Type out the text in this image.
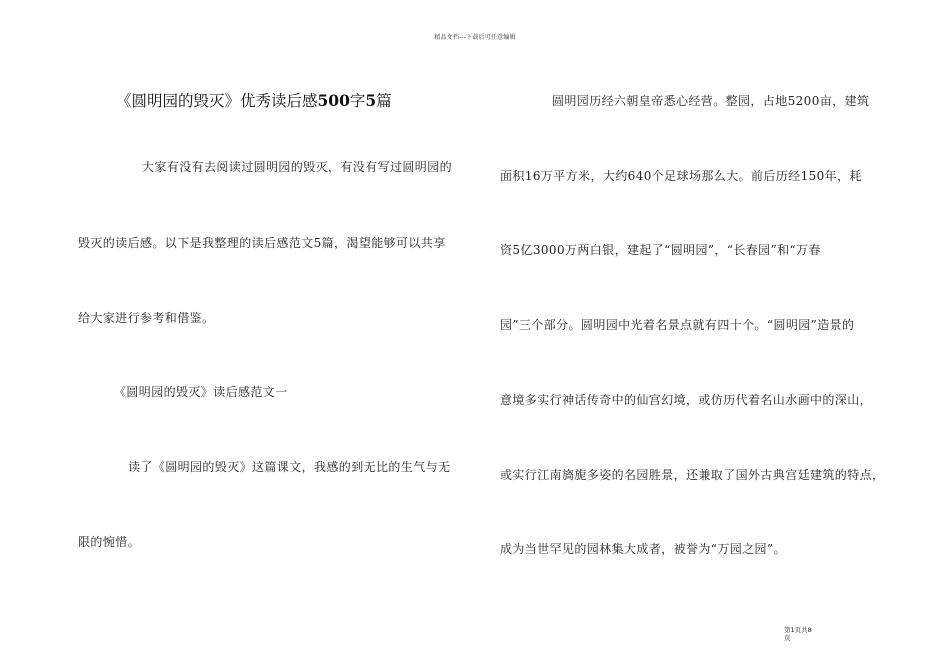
精品文档---下载后可任意编辑
《圆明园的毁灭》优秀读后感500字5篇
大家有没有去阅读过圆明园的毁灭，有没有写过圆明园的
毁灭的读后感。以下是我整理的读后感范文5篇，渴望能够可以共享
给大家进行参考和借鉴。
《圆明园的毁灭》读后感范文一
读了《圆明园的毁灭》这篇课文，我感的到无比的生气与无
限的惋惜。
圆明园历经六朝皇帝悉心经营。整园，占地5200亩，建筑
面积16万平方米，大约640个足球场那么大。前后历经150年，耗
资5亿3000万两白银，建起了“圆明园”，“长春园”和“万春
园”三个部分。圆明园中光着名景点就有四十个。“圆明园”造景的
意境多实行神话传奇中的仙宫幻境，或仿历代着名山水画中的深山，
或实行江南旖旎多姿的名园胜景，还兼取了国外古典宫廷建筑的特点，
成为当世罕见的园林集大成者，被誉为“万园之园”。
第1页共8
页
